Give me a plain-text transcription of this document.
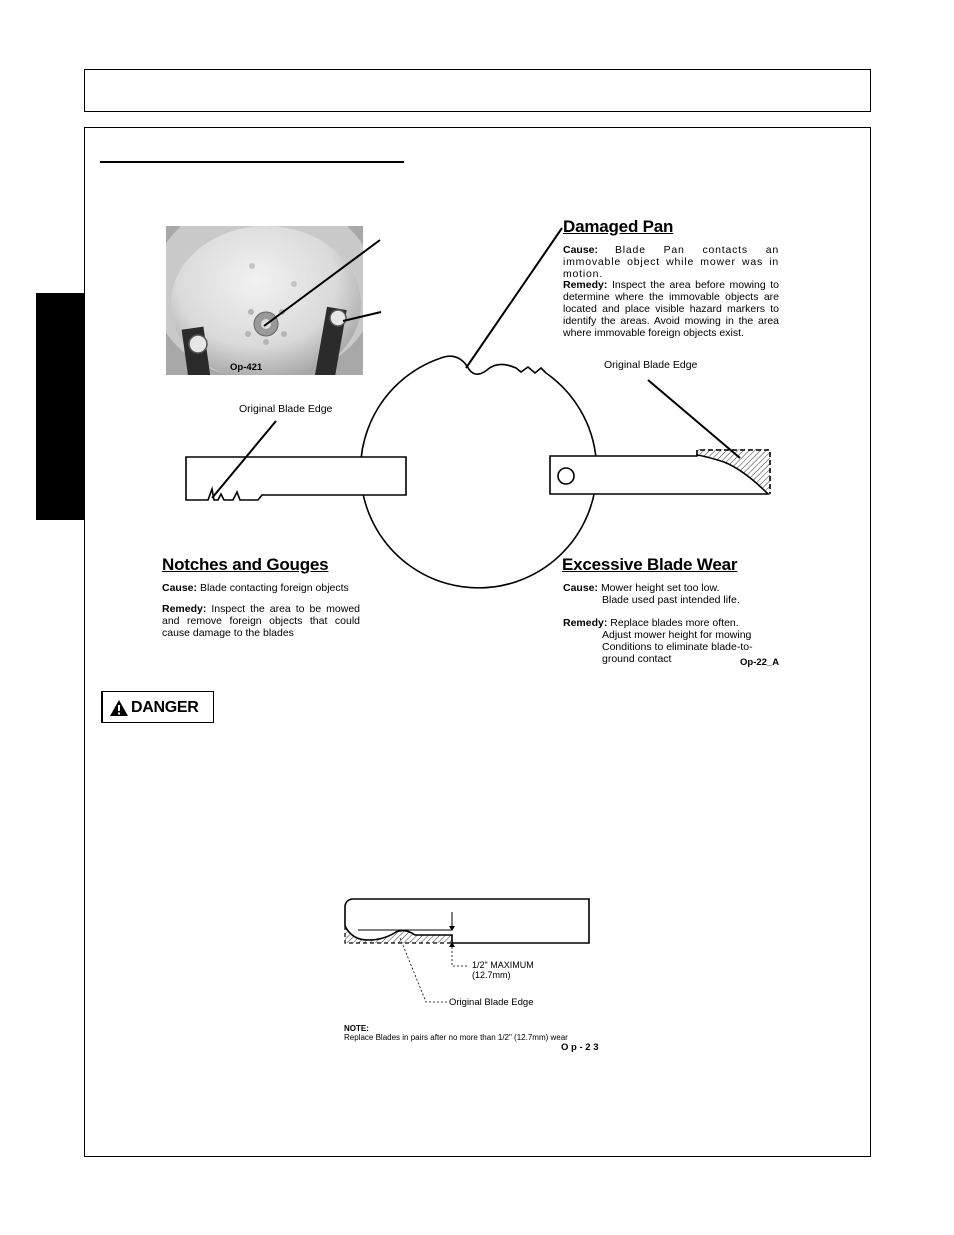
Op-421
Damaged Pan
Cause: Blade Pan contacts an immovable object while mower was in motion.
Remedy: Inspect the area before mowing to determine where the immovable objects are located and place visible hazard markers to identify the areas. Avoid mowing in the area where immovable foreign objects exist.
Original Blade Edge
Original Blade Edge
Notches and Gouges
Cause: Blade contacting foreign objects
Remedy: Inspect the area to be mowed and remove foreign objects that could cause damage to the blades
Excessive Blade Wear
Cause: Mower height set too low.
Blade used past intended life.
Remedy: Replace blades more often.
Adjust mower height for mowing
Conditions to eliminate blade-to-
ground contact	Op-22_A
DANGER
1/2" MAXIMUM
(12.7mm)
Original Blade Edge
NOTE:
Replace Blades in pairs after no more than 1/2" (12.7mm) wear
O p - 2 3
